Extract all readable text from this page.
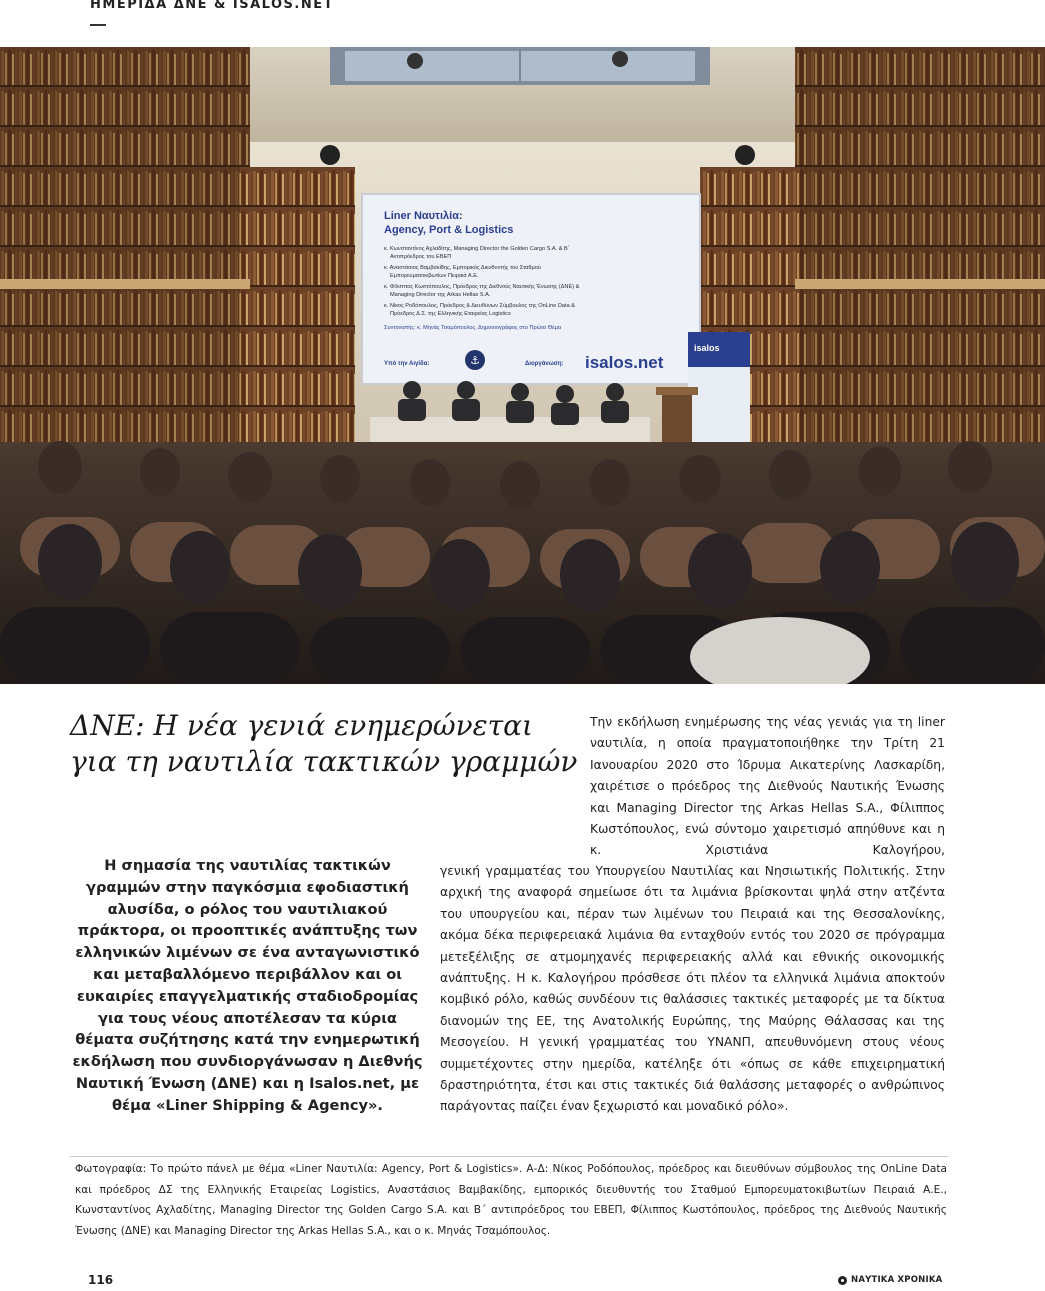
ΗΜΕΡΙΔΑ ΔΝΕ & ISALOS.NET
Liner Ναυτιλία:
Agency, Port & Logistics
κ. Κωνσταντίνος Αχλαδίτης, Managing Director the Golden Cargo S.A. & Β΄
Αντιπρόεδρος του ΕΒΕΠ
κ. Αναστάσιος Βαμβακίδης, Εμπορικός Διευθυντής του Σταθμού
Εμπορευματοκιβωτίων Πειραιά Α.Ε.
κ. Φίλιππος Κωστόπουλος, Πρόεδρος της Διεθνούς Ναυτικής Ένωσης (ΔΝΕ) &
Managing Director της Arkas Hellas S.A.
κ. Νίκος Ροδόπουλος, Πρόεδρος & Διευθύνων Σύμβουλος της OnLine Data &
Πρόεδρος Δ.Σ. της Ελληνικής Εταιρείας Logistics
Συντονιστής: κ. Μηνάς Τσαμόπουλος, Δημοσιογράφος στο Πρώτο Θέμα
Υπό την Αιγίδα:	⚓	Διοργάνωση: isalos.net
isalos
ΔΝΕ: Η νέα γενιά ενημερώνεται για τη ναυτιλία τακτικών γραμμών

Η σημασία της ναυτιλίας τακτικών γραμμών στην παγκόσμια εφοδιαστική αλυσίδα, ο ρόλος του ναυτιλιακού πράκτορα, οι προοπτικές ανάπτυξης των ελληνικών λιμένων σε ένα ανταγωνιστικό και μεταβαλλόμενο περιβάλλον και οι ευκαιρίες επαγγελματικής σταδιοδρομίας για τους νέους αποτέλεσαν τα κύρια θέματα συζήτησης κατά την ενημερωτική εκδήλωση που συνδιοργάνωσαν η Διεθνής Ναυτική Ένωση (ΔΝΕ) και η Isalos.net, με θέμα «Liner Shipping & Agency».

Την εκδήλωση ενημέρωσης της νέας γενιάς για τη liner ναυτιλία, η οποία πραγματοποιήθηκε την Τρίτη 21 Ιανουαρίου 2020 στο Ίδρυμα Αικατερίνης Λασκαρίδη, χαιρέτισε ο πρόεδρος της Διεθνούς Ναυτικής Ένωσης και Managing Director της Arkas Hellas S.A., Φίλιππος Κωστόπουλος, ενώ σύντομο χαιρετισμό απηύθυνε και η κ. Χριστιάνα Καλογήρου,

γενική γραμματέας του Υπουργείου Ναυτιλίας και Νησιωτικής Πολιτικής. Στην αρχική της αναφορά σημείωσε ότι τα λιμάνια βρίσκονται ψηλά στην ατζέντα του υπουργείου και, πέραν των λιμένων του Πειραιά και της Θεσσαλονίκης, ακόμα δέκα περιφερειακά λιμάνια θα ενταχθούν εντός του 2020 σε πρόγραμμα μετεξέλιξης σε ατμομηχανές περιφερειακής αλλά και εθνικής οικονομικής ανάπτυξης. Η κ. Καλογήρου πρόσθεσε ότι πλέον τα ελληνικά λιμάνια αποκτούν κομβικό ρόλο, καθώς συνδέουν τις θαλάσσιες τακτικές μεταφορές με τα δίκτυα διανομών της ΕΕ, της Ανατολικής Ευρώπης, της Μαύρης Θάλασσας και της Μεσογείου. Η γενική γραμματέας του ΥΝΑΝΠ, απευθυνόμενη στους νέους συμμετέχοντες στην ημερίδα, κατέληξε ότι «όπως σε κάθε επιχειρηματική δραστηριότητα, έτσι και στις τακτικές διά θαλάσσης μεταφορές ο ανθρώπινος παράγοντας παίζει έναν ξεχωριστό και μοναδικό ρόλο».

Φωτογραφία: Το πρώτο πάνελ με θέμα «Liner Ναυτιλία: Agency, Port & Logistics». Α-Δ: Νίκος Ροδόπουλος, πρόεδρος και διευθύνων σύμβουλος της OnLine Data και πρόεδρος ΔΣ της Ελληνικής Εταιρείας Logistics, Αναστάσιος Βαμβακίδης, εμπορικός διευθυντής του Σταθμού Εμπορευματοκιβωτίων Πειραιά Α.Ε., Κωνσταντίνος Αχλαδίτης, Managing Director της Golden Cargo S.A. και Β΄ αντιπρόεδρος του ΕΒΕΠ, Φίλιππος Κωστόπουλος, πρόεδρος της Διεθνούς Ναυτικής Ένωσης (ΔΝΕ) και Managing Director της Arkas Hellas S.A., και ο κ. Μηνάς Τσαμόπουλος.

116	ΝΑΥΤΙΚΑ ΧΡΟΝΙΚΑ
